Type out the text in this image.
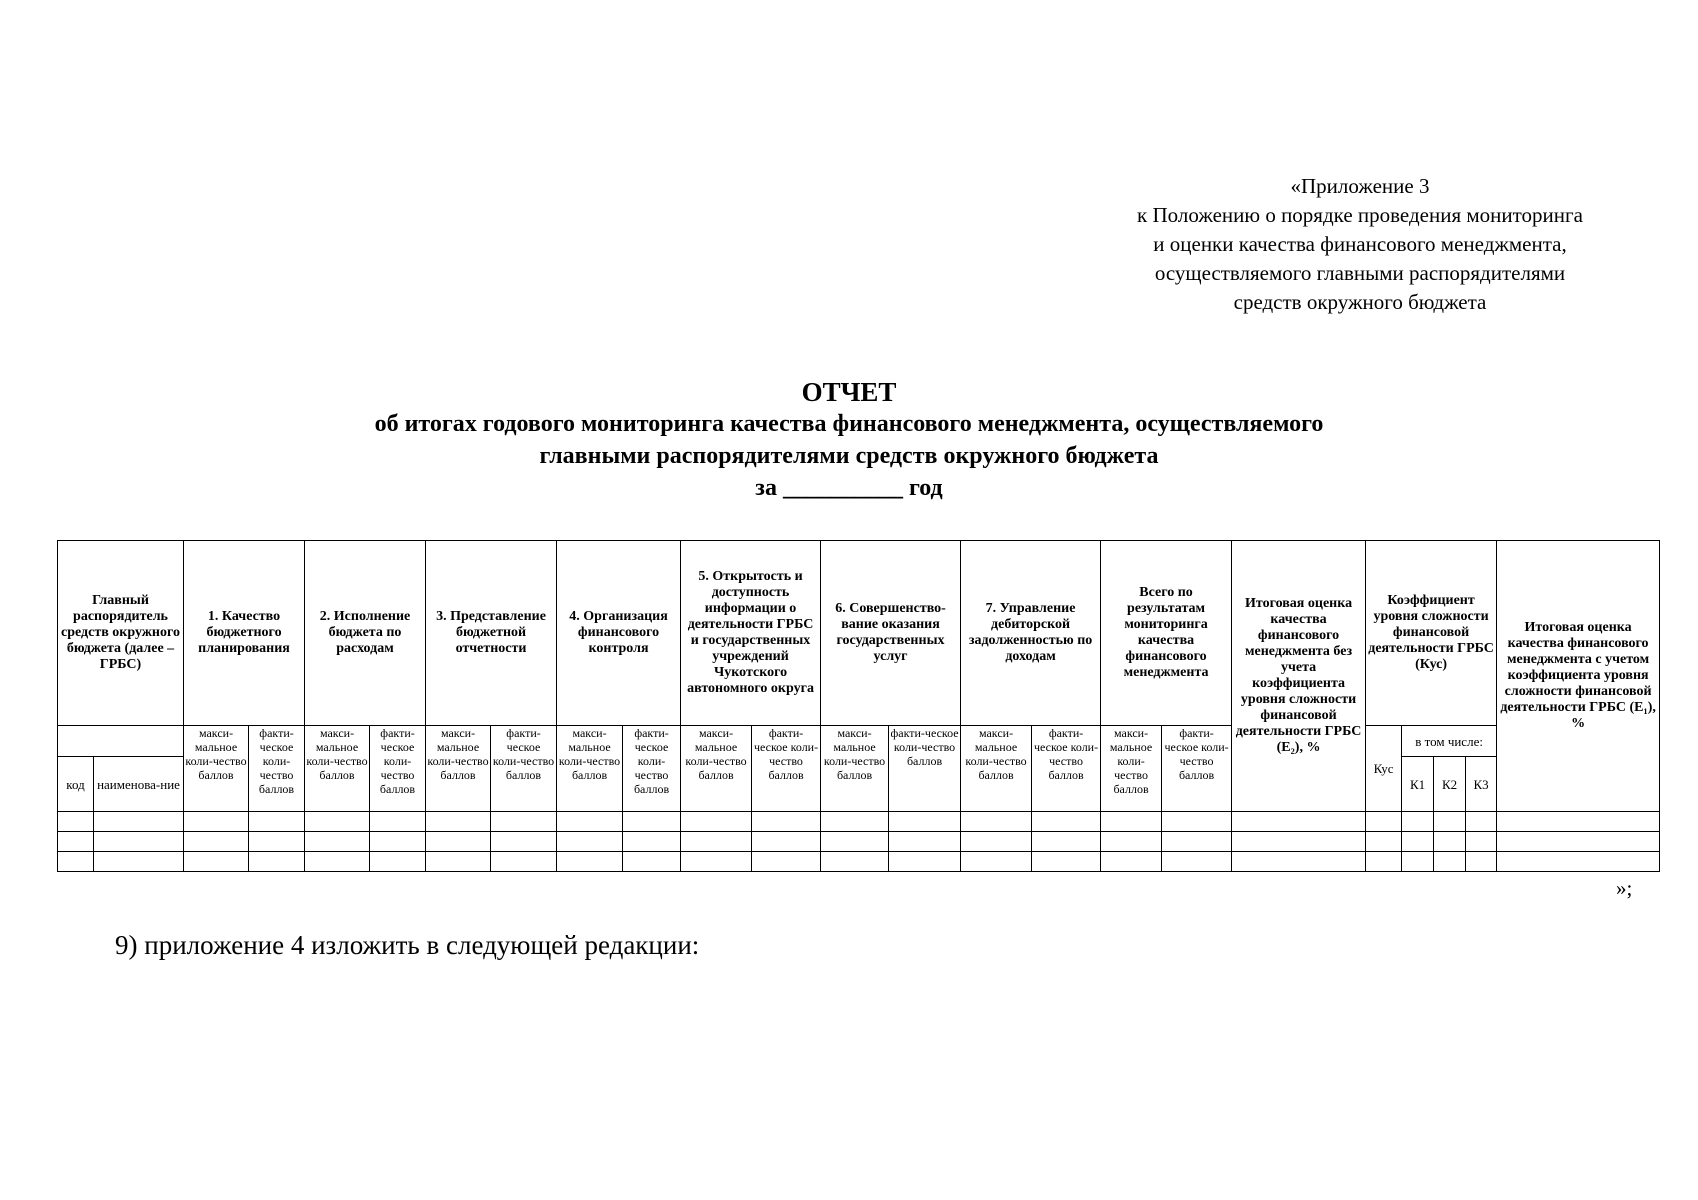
«Приложение 3
к Положению о порядке проведения мониторинга
и оценки качества финансового менеджмента,
осуществляемого главными распорядителями
средств окружного бюджета
ОТЧЕТ
об итогах годового мониторинга качества финансового менеджмента, осуществляемого
главными распорядителями средств окружного бюджета
за __________ год
Главный распорядитель средств окружного бюджета (далее – ГРБС)		1. Качество бюджетного планирования		2. Исполнение бюджета по расходам		3. Представление бюджетной отчетности		4. Организация финансового контроля		5. Открытость и доступность информации о деятельности ГРБС и государственных учреждений Чукотского автономного округа		6. Совершенство-вание оказания государственных услуг		7. Управление дебиторской задолженностью по доходам		Всего по результатам мониторинга качества финансового менеджмента		Итоговая оценка качества финансового менеджмента без учета коэффициента уровня сложности финансовой деятельности ГРБС (E₂), %	Коэффициент уровня сложности финансовой деятельности ГРБС (Кус)				Итоговая оценка качества финансового менеджмента с учетом коэффициента уровня сложности финансовой деятельности ГРБС (E₁), %
		макси-мальное коли-чество баллов	факти-ческое коли-чество баллов	макси-мальное коли-чество баллов	факти-ческое коли-чество баллов	макси-мальное коли-чество баллов	факти-ческое коли-чество баллов	макси-мальное коли-чество баллов	факти-ческое коли-чество баллов	макси-мальное коли-чество баллов	факти-ческое коли-чество баллов	макси-мальное коли-чество баллов	факти-ческое коли-чество баллов	макси-мальное коли-чество баллов	факти-ческое коли-чество баллов	макси-мальное коли-чество баллов	факти-ческое коли-чество баллов		Кус	в том числе:			
код	наименова-ние																			К1	К2	К3	

»;
9) приложение 4 изложить в следующей редакции:
